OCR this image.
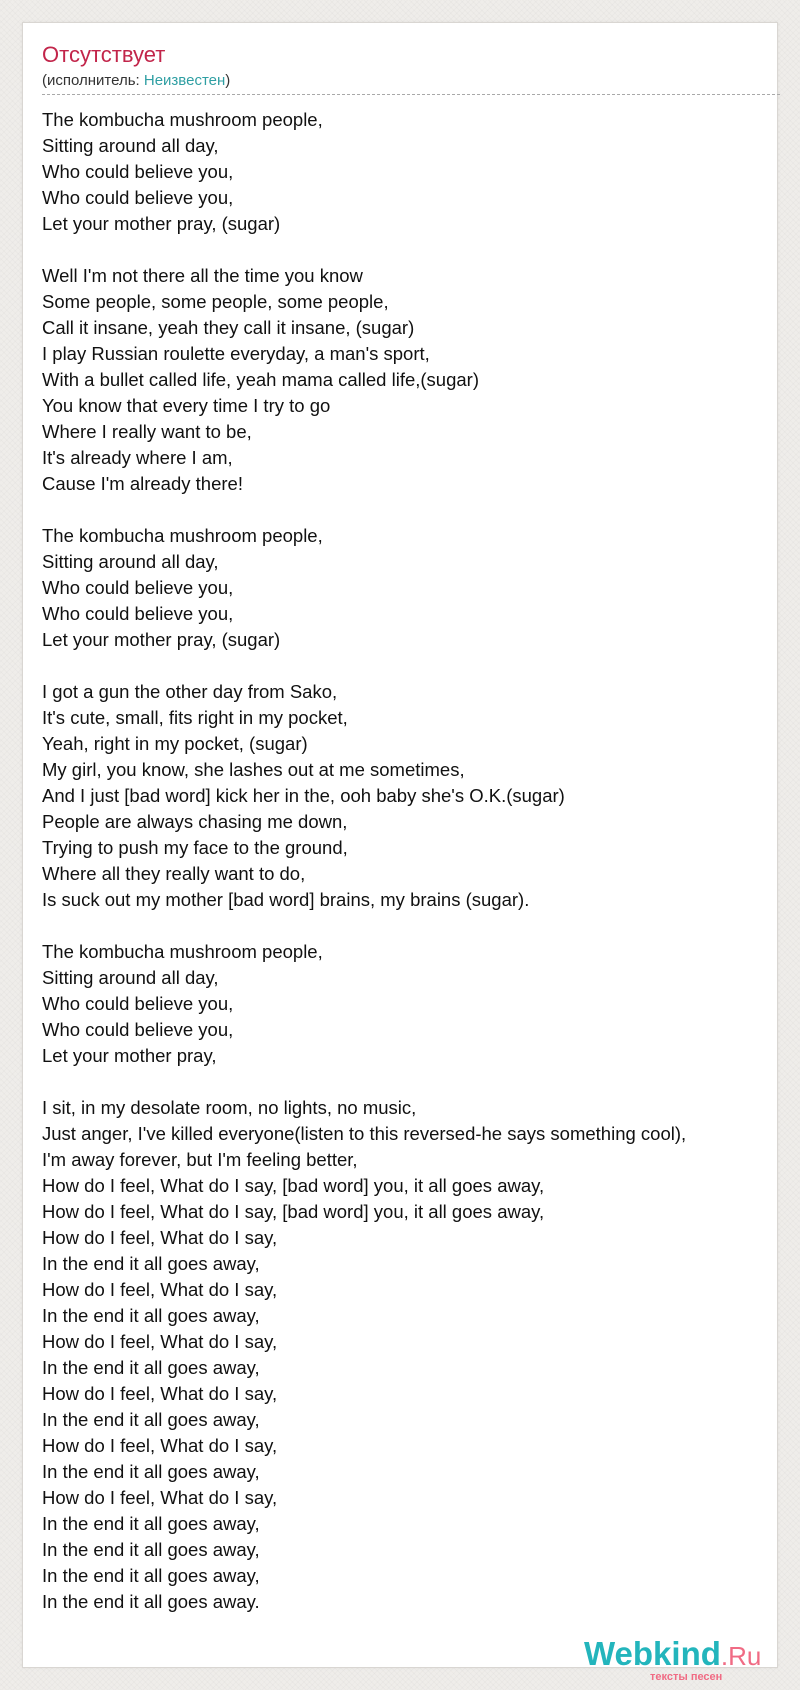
Отсутствует
(исполнитель: Неизвестен)
The kombucha mushroom people,
Sitting around all day,
Who could believe you,
Who could believe you,
Let your mother pray, (sugar)
Well I'm not there all the time you know
Some people, some people, some people,
Call it insane, yeah they call it insane, (sugar)
I play Russian roulette everyday, a man's sport,
With a bullet called life, yeah mama called life,(sugar)
You know that every time I try to go
Where I really want to be,
It's already where I am,
Cause I'm already there!
The kombucha mushroom people,
Sitting around all day,
Who could believe you,
Who could believe you,
Let your mother pray, (sugar)
I got a gun the other day from Sako,
It's cute, small, fits right in my pocket,
Yeah, right in my pocket, (sugar)
My girl, you know, she lashes out at me sometimes,
And I just [bad word] kick her in the, ooh baby she's O.K.(sugar)
People are always chasing me down,
Trying to push my face to the ground,
Where all they really want to do,
Is suck out my mother [bad word] brains, my brains (sugar).
The kombucha mushroom people,
Sitting around all day,
Who could believe you,
Who could believe you,
Let your mother pray,
I sit, in my desolate room, no lights, no music,
Just anger, I've killed everyone(listen to this reversed-he says something cool),
I'm away forever, but I'm feeling better,
How do I feel, What do I say, [bad word] you, it all goes away,
How do I feel, What do I say, [bad word] you, it all goes away,
How do I feel, What do I say,
In the end it all goes away,
How do I feel, What do I say,
In the end it all goes away,
How do I feel, What do I say,
In the end it all goes away,
How do I feel, What do I say,
In the end it all goes away,
How do I feel, What do I say,
In the end it all goes away,
How do I feel, What do I say,
In the end it all goes away,
In the end it all goes away,
In the end it all goes away,
In the end it all goes away.
Webkind.Ru
тексты песен
